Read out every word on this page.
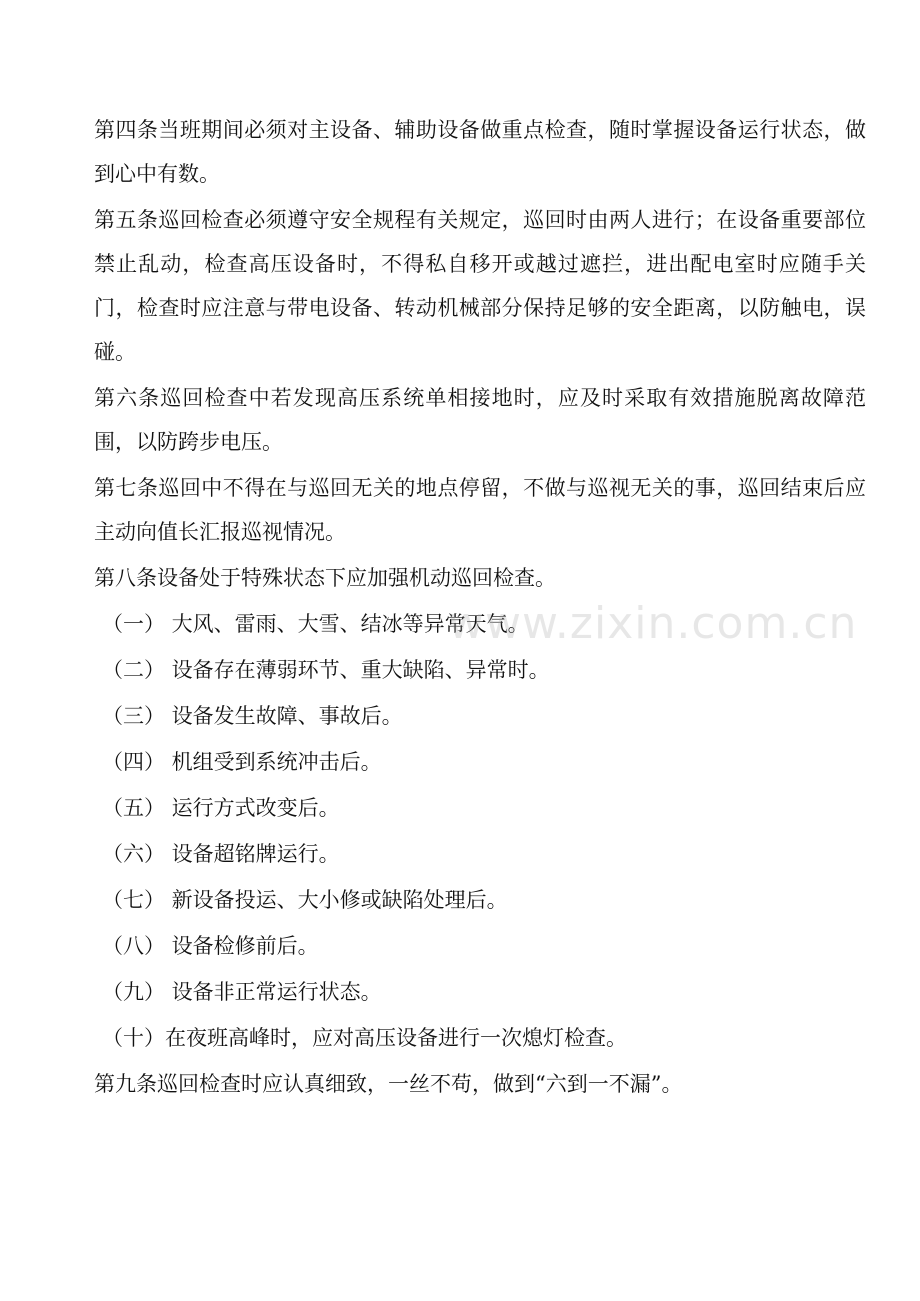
第四条当班期间必须对主设备、辅助设备做重点检查，随时掌握设备运行状态，做到心中有数。

第五条巡回检查必须遵守安全规程有关规定，巡回时由两人进行；在设备重要部位禁止乱动，检查高压设备时，不得私自移开或越过遮拦，进出配电室时应随手关门，检查时应注意与带电设备、转动机械部分保持足够的安全距离，以防触电，误碰。

第六条巡回检查中若发现高压系统单相接地时，应及时采取有效措施脱离故障范围，以防跨步电压。

第七条巡回中不得在与巡回无关的地点停留，不做与巡视无关的事，巡回结束后应主动向值长汇报巡视情况。

第八条设备处于特殊状态下应加强机动巡回检查。

（一） 大风、雷雨、大雪、结冰等异常天气。

（二） 设备存在薄弱环节、重大缺陷、异常时。

（三） 设备发生故障、事故后。

（四） 机组受到系统冲击后。

（五） 运行方式改变后。

（六） 设备超铭牌运行。

（七） 新设备投运、大小修或缺陷处理后。

（八） 设备检修前后。

（九） 设备非正常运行状态。

（十）在夜班高峰时，应对高压设备进行一次熄灯检查。

第九条巡回检查时应认真细致，一丝不苟，做到“六到一不漏”。

www.zixin.com.cn
